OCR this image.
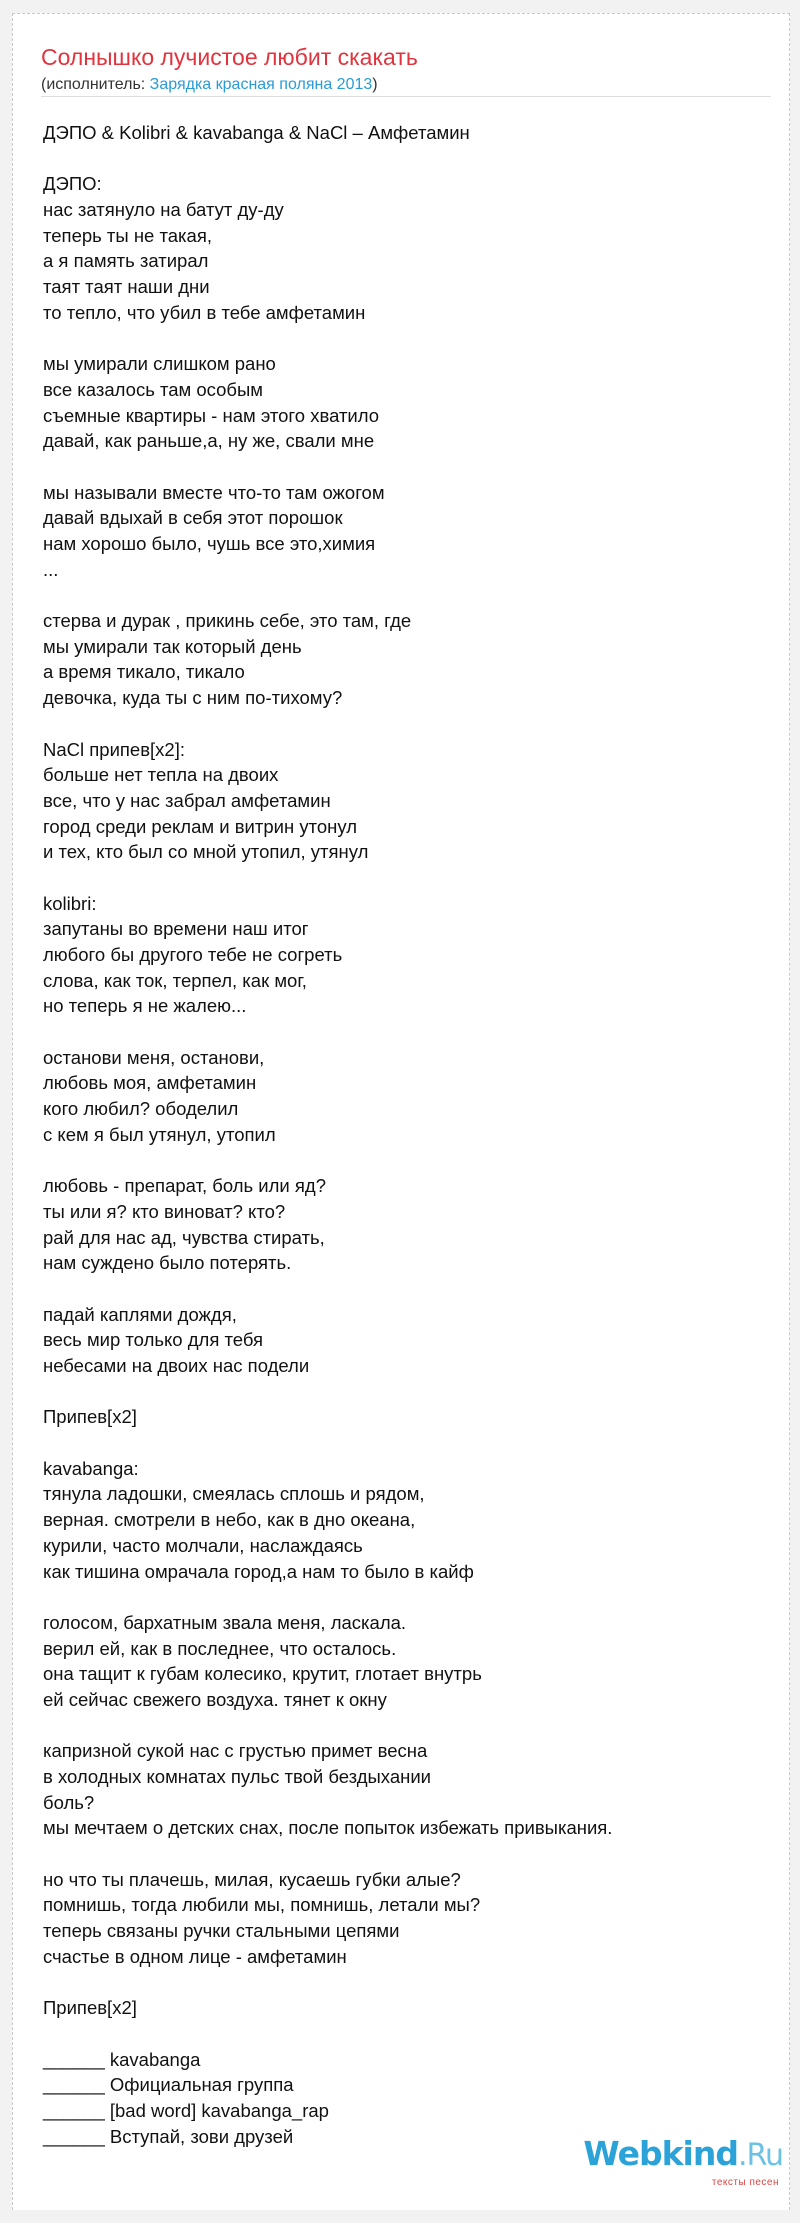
Солнышко лучистое любит скакать
(исполнитель: Зарядка красная поляна 2013)
ДЭПО & Kolibri & kavabanga & NaCl – Амфетамин
ДЭПО:
нас затянуло на батут ду-ду
теперь ты не такая,
а я память затирал
таят таят наши дни
то тепло, что убил в тебе амфетамин
мы умирали слишком рано
все казалось там особым
съемные квартиры - нам этого хватило
давай, как раньше,а, ну же, свали мне
мы называли вместе что-то там ожогом
давай вдыхай в себя этот порошок
нам хорошо было, чушь все это,химия
...
стерва и дурак , прикинь себе, это там, где
мы умирали так который день
а время тикало, тикало
девочка, куда ты с ним по-тихому?
NaCl припев[x2]:
больше нет тепла на двоих
все, что у нас забрал амфетамин
город среди реклам и витрин утонул
и тех, кто был со мной утопил, утянул
kolibri:
запутаны во времени наш итог
любого бы другого тебе не согреть
слова, как ток, терпел, как мог,
но теперь я не жалею...
останови меня, останови,
любовь моя, амфетамин
кого любил? ободелил
с кем я был утянул, утопил
любовь - препарат, боль или яд?
ты или я? кто виноват? кто?
рай для нас ад, чувства стирать,
нам суждено было потерять.
падай каплями дождя,
весь мир только для тебя
небесами на двоих нас подели
Припев[x2]
kavabanga:
тянула ладошки, смеялась сплошь и рядом,
верная. смотрели в небо, как в дно океана,
курили, часто молчали, наслаждаясь
как тишина омрачала город,а нам то было в кайф
голосом, бархатным звала меня, ласкала.
верил ей, как в последнее, что осталось.
она тащит к губам колесико, крутит, глотает внутрь
ей сейчас свежего воздуха. тянет к окну
капризной сукой нас с грустью примет весна
в холодных комнатах пульс твой бездыхании
боль?
мы мечтаем о детских снах, после попыток избежать привыкания.
но что ты плачешь, милая, кусаешь губки алые?
помнишь, тогда любили мы, помнишь, летали мы?
теперь связаны ручки стальными цепями
счастье в одном лице - амфетамин
Припев[x2]
______ kavabanga
______ Официальная группа
______ [bad word] kavabanga_rap
______ Вступай, зови друзей	Webkind.Ru
тексты песен
